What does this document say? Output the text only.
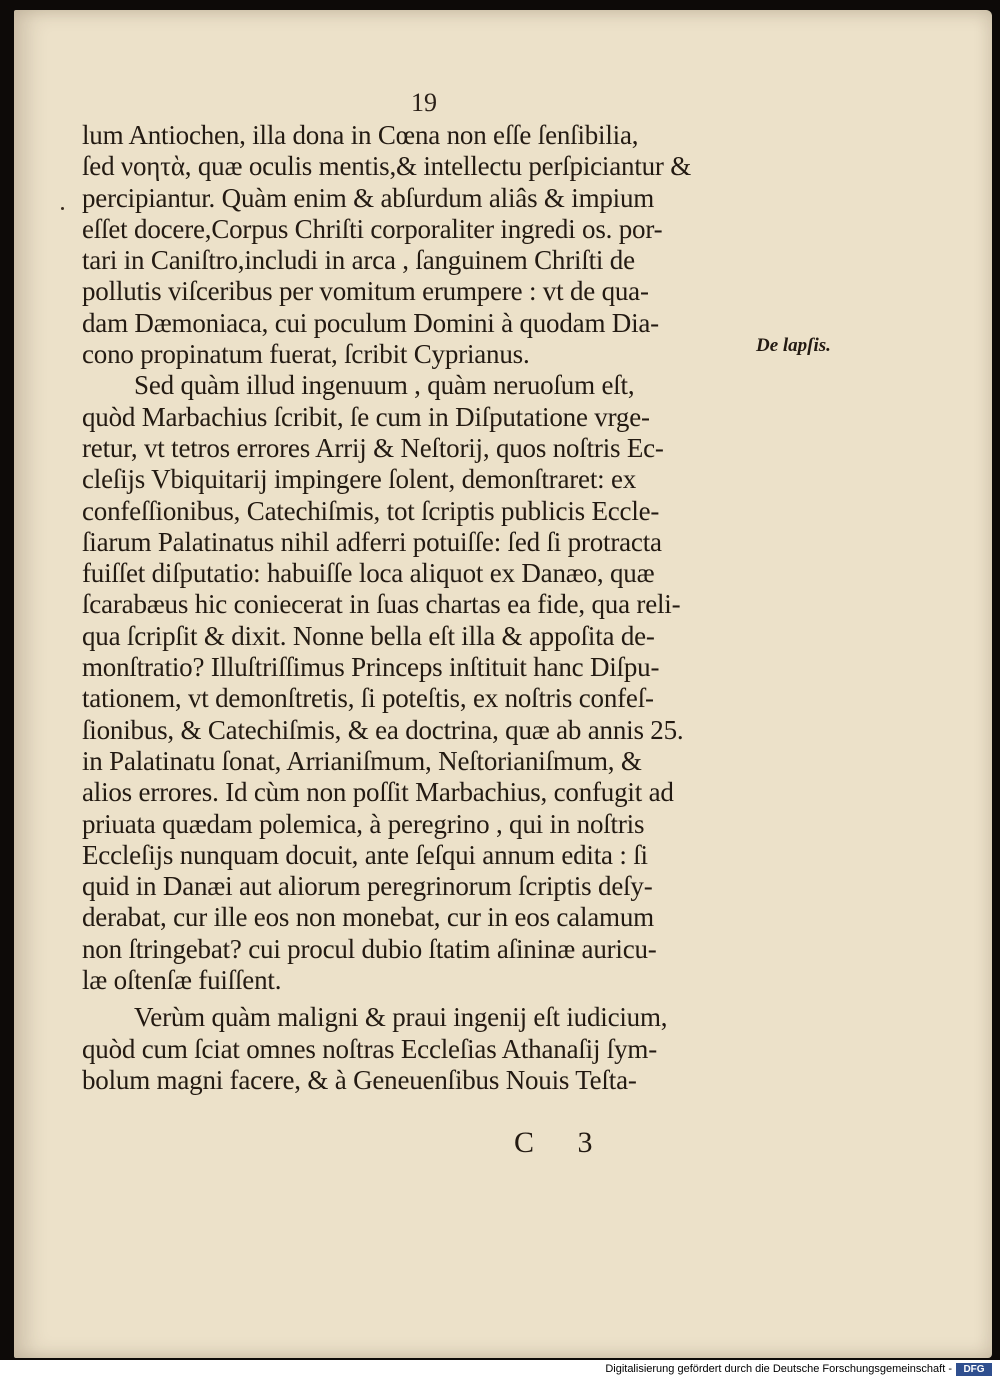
19
lum Antiochen, illa dona in Cœna non eſſe ſenſibilia,
ſed νοητὰ, quæ oculis mentis,& intellectu perſpiciantur &
percipiantur. Quàm enim & abſurdum aliâs & impium
eſſet docere,Corpus Chriſti corporaliter ingredi os. por-
tari in Caniſtro,includi in arca , ſanguinem Chriſti de
pollutis viſceribus per vomitum erumpere : vt de qua-
dam Dæmoniaca, cui poculum Domini à quodam Dia-
cono propinatum fuerat, ſcribit Cyprianus.
Sed quàm illud ingenuum , quàm neruoſum eſt,
quòd Marbachius ſcribit, ſe cum in Diſputatione vrge-
retur, vt tetros errores Arrij & Neſtorij, quos noſtris Ec-
cleſijs Vbiquitarij impingere ſolent, demonſtraret: ex
confeſſionibus, Catechiſmis, tot ſcriptis publicis Eccle-
ſiarum Palatinatus nihil adferri potuiſſe: ſed ſi protracta
fuiſſet diſputatio: habuiſſe loca aliquot ex Danæo, quæ
ſcarabæus hic coniecerat in ſuas chartas ea fide, qua reli-
qua ſcripſit & dixit. Nonne bella eſt illa & appoſita de-
monſtratio? Illuſtriſſimus Princeps inſtituit hanc Diſpu-
tationem, vt demonſtretis, ſi poteſtis, ex noſtris confeſ-
ſionibus, & Catechiſmis, & ea doctrina, quæ ab annis 25.
in Palatinatu ſonat, Arrianiſmum, Neſtorianiſmum, &
alios errores. Id cùm non poſſit Marbachius, confugit ad
priuata quædam polemica, à peregrino , qui in noſtris
Eccleſijs nunquam docuit, ante ſeſqui annum edita : ſi
quid in Danæi aut aliorum peregrinorum ſcriptis deſy-
derabat, cur ille eos non monebat, cur in eos calamum
non ſtringebat? cui procul dubio ſtatim aſininæ auricu-
læ oſtenſæ fuiſſent.
Verùm quàm maligni & praui ingenij eſt iudicium,
quòd cum ſciat omnes noſtras Eccleſias Athanaſij ſym-
bolum magni facere, & à Geneuenſibus Nouis Teſta-
De lapſis.
C 3
Digitalisierung gefördert durch die Deutsche Forschungsgemeinschaft -	DFG
